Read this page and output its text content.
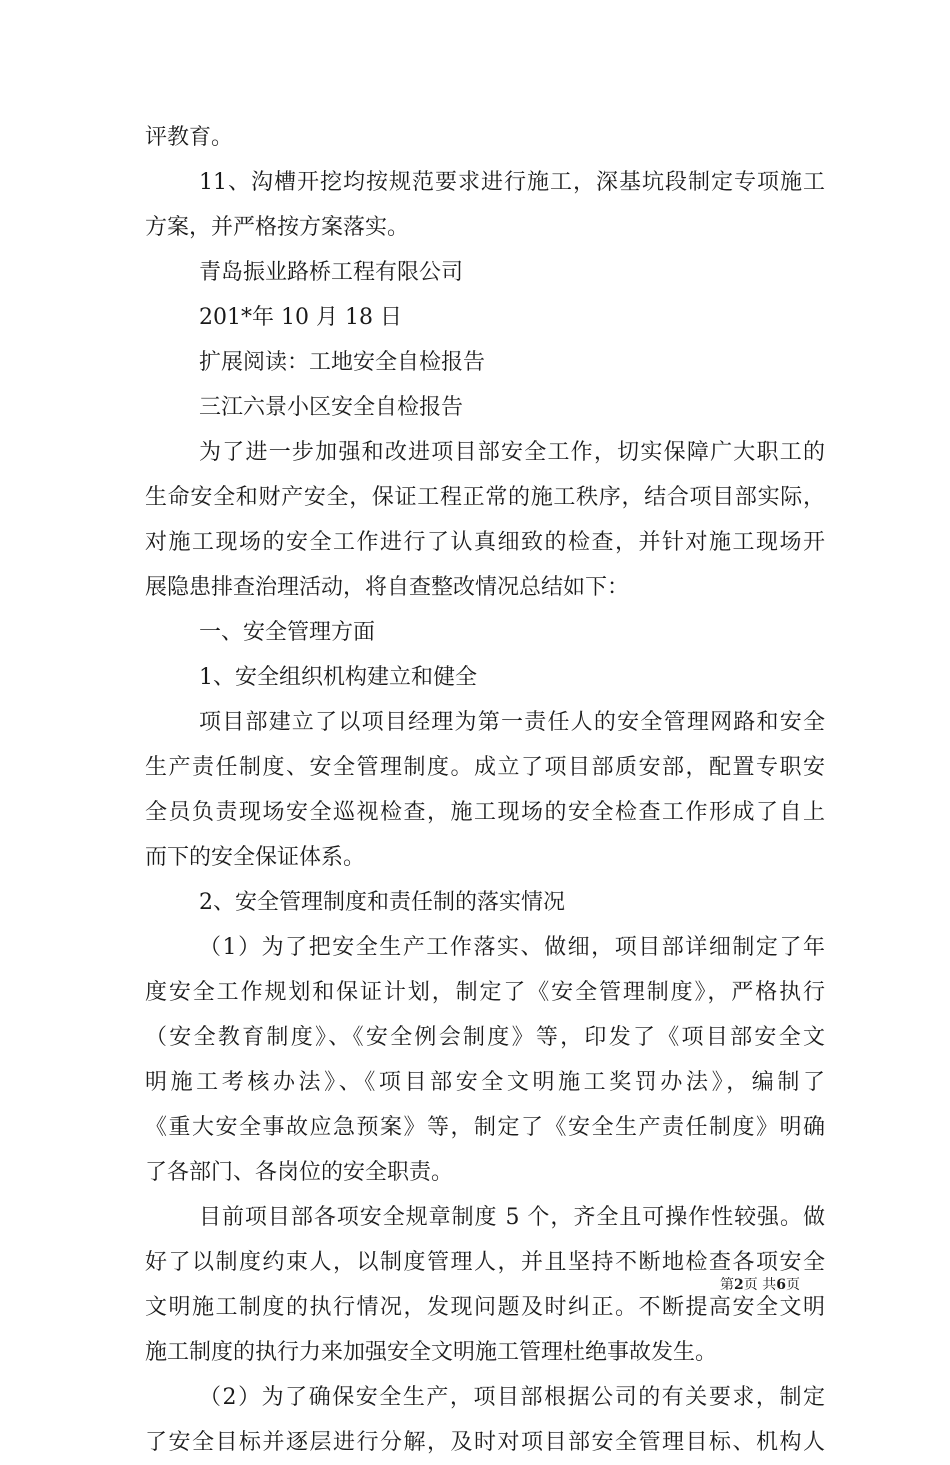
评教育。
11、沟槽开挖均按规范要求进行施工，深基坑段制定专项施工
方案，并严格按方案落实。
青岛振业路桥工程有限公司
201*年 10 月 18 日
扩展阅读：工地安全自检报告
三江六景小区安全自检报告
为了进一步加强和改进项目部安全工作，切实保障广大职工的
生命安全和财产安全，保证工程正常的施工秩序，结合项目部实际，
对施工现场的安全工作进行了认真细致的检查，并针对施工现场开
展隐患排查治理活动，将自查整改情况总结如下：
一、安全管理方面
1、安全组织机构建立和健全
项目部建立了以项目经理为第一责任人的安全管理网路和安全
生产责任制度、安全管理制度。成立了项目部质安部，配置专职安
全员负责现场安全巡视检查，施工现场的安全检查工作形成了自上
而下的安全保证体系。
2、安全管理制度和责任制的落实情况
（1）为了把安全生产工作落实、做细，项目部详细制定了年
度安全工作规划和保证计划，制定了《安全管理制度》，严格执行
（安全教育制度》、《安全例会制度》等，印发了《项目部安全文
明施工考核办法》、《项目部安全文明施工奖罚办法》，编制了
《重大安全事故应急预案》等，制定了《安全生产责任制度》明确
了各部门、各岗位的安全职责。
目前项目部各项安全规章制度 5 个，齐全且可操作性较强。做
好了以制度约束人，以制度管理人，并且坚持不断地检查各项安全
文明施工制度的执行情况，发现问题及时纠正。不断提高安全文明
施工制度的执行力来加强安全文明施工管理杜绝事故发生。
（2）为了确保安全生产，项目部根据公司的有关要求，制定
了安全目标并逐层进行分解，及时对项目部安全管理目标、机构人
第2页 共6页
